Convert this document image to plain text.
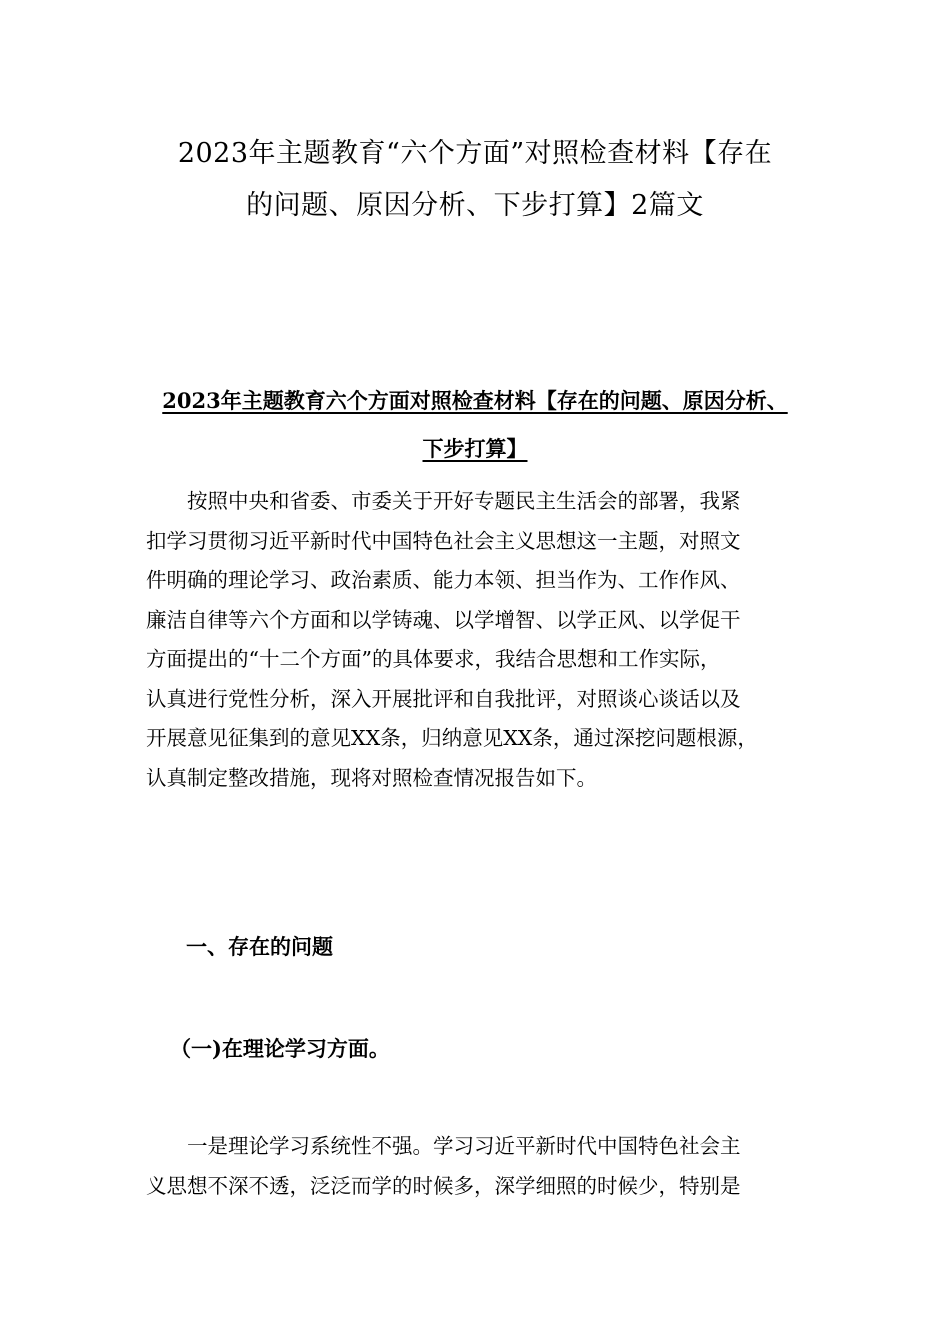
2023年主题教育“六个方面”对照检查材料【存在
的问题、原因分析、下步打算】2篇文
2023年主题教育六个方面对照检查材料【存在的问题、原因分析、
下步打算】
　　按照中央和省委、市委关于开好专题民主生活会的部署，我紧
扣学习贯彻习近平新时代中国特色社会主义思想这一主题，对照文
件明确的理论学习、政治素质、能力本领、担当作为、工作作风、
廉洁自律等六个方面和以学铸魂、以学增智、以学正风、以学促干
方面提出的“十二个方面”的具体要求，我结合思想和工作实际，
认真进行党性分析，深入开展批评和自我批评，对照谈心谈话以及
开展意见征集到的意见XX条，归纳意见XX条，通过深挖问题根源，
认真制定整改措施，现将对照检查情况报告如下。
一、存在的问题
（一)在理论学习方面。
　　一是理论学习系统性不强。学习习近平新时代中国特色社会主
义思想不深不透，泛泛而学的时候多，深学细照的时候少，特别是
